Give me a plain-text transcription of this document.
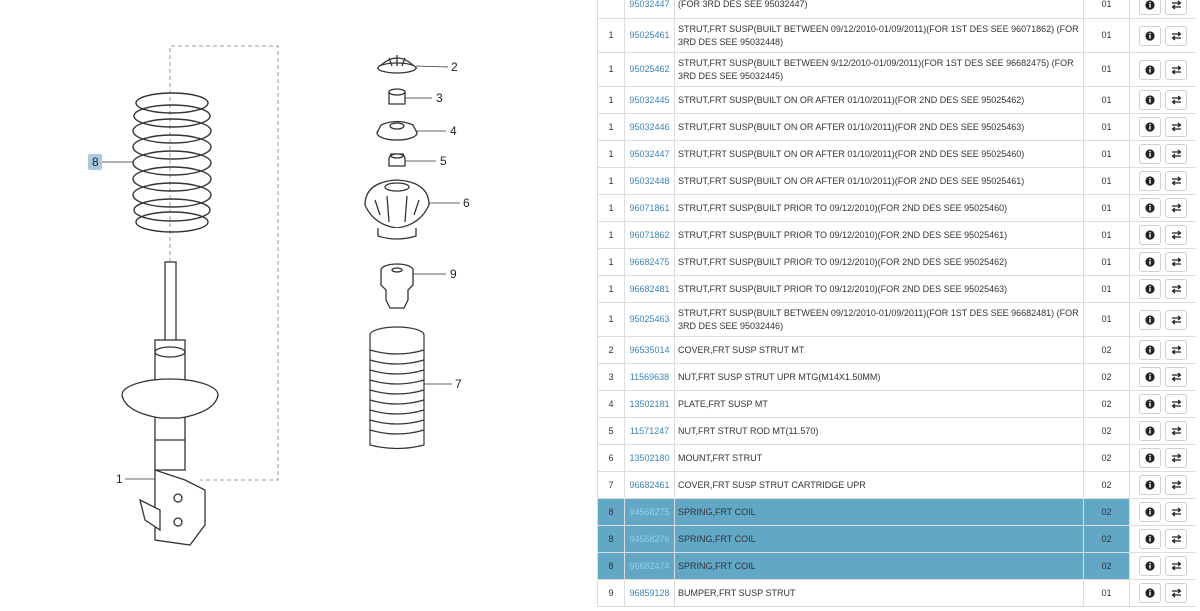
1
2
3
4
5
6
7
8
9
	95032447	(FOR 3RD DES SEE 95032447)	01	

1	95025461	STRUT,FRT SUSP(BUILT BETWEEN 09/12/2010-01/09/2011)(FOR 1ST DES SEE 96071862) (FOR 3RD DES SEE 95032448)	01	

1	95025462	STRUT,FRT SUSP(BUILT BETWEEN 9/12/2010-01/09/2011)(FOR 1ST DES SEE 96682475) (FOR 3RD DES SEE 95032445)	01	

1	95032445	STRUT,FRT SUSP(BUILT ON OR AFTER 01/10/2011)(FOR 2ND DES SEE 95025462)	01	

1	95032446	STRUT,FRT SUSP(BUILT ON OR AFTER 01/10/2011)(FOR 2ND DES SEE 95025463)	01	

1	95032447	STRUT,FRT SUSP(BUILT ON OR AFTER 01/10/2011)(FOR 2ND DES SEE 95025460)	01	

1	95032448	STRUT,FRT SUSP(BUILT ON OR AFTER 01/10/2011)(FOR 2ND DES SEE 95025461)	01	

1	96071861	STRUT,FRT SUSP(BUILT PRIOR TO 09/12/2010)(FOR 2ND DES SEE 95025460)	01	

1	96071862	STRUT,FRT SUSP(BUILT PRIOR TO 09/12/2010)(FOR 2ND DES SEE 95025461)	01	

1	96682475	STRUT,FRT SUSP(BUILT PRIOR TO 09/12/2010)(FOR 2ND DES SEE 95025462)	01	

1	96682481	STRUT,FRT SUSP(BUILT PRIOR TO 09/12/2010)(FOR 2ND DES SEE 95025463)	01	

1	95025463	STRUT,FRT SUSP(BUILT BETWEEN 09/12/2010-01/09/2011)(FOR 1ST DES SEE 96682481) (FOR 3RD DES SEE 95032446)	01	

2	96535014	COVER,FRT SUSP STRUT MT	02	

3	11569638	NUT,FRT SUSP STRUT UPR MTG(M14X1.50MM)	02	

4	13502181	PLATE,FRT SUSP MT	02	

5	11571247	NUT,FRT STRUT ROD MT(11.570)	02	

6	13502180	MOUNT,FRT STRUT	02	

7	96682461	COVER,FRT SUSP STRUT CARTRIDGE UPR	02	

8	94568275	SPRING,FRT COIL	02	

8	94568276	SPRING,FRT COIL	02	

8	96682474	SPRING,FRT COIL	02	

9	96859128	BUMPER,FRT SUSP STRUT	01	
